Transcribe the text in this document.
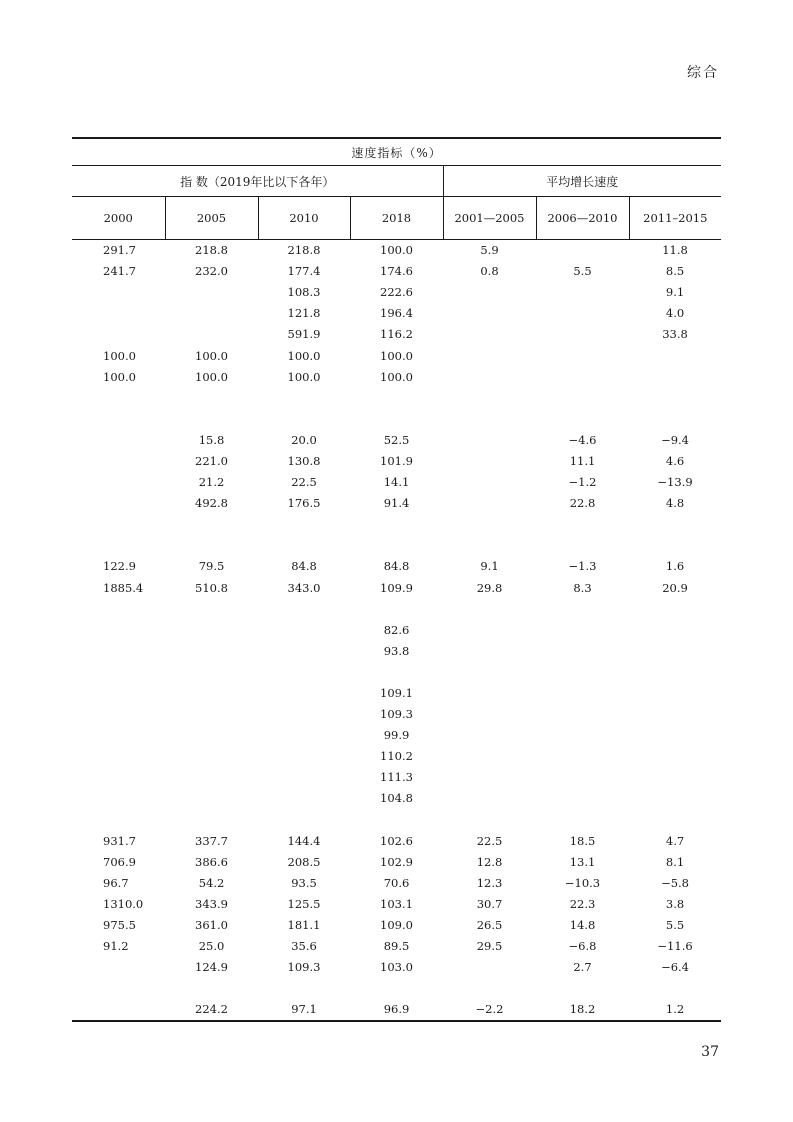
综合
速度指标（%）						
指 数（2019年比以下各年）				平均增长速度		
2000	2005	2010	2018	2001—2005	2006—2010	2011–2015
291.7	218.8	218.8	100.0	5.9		11.8
241.7	232.0	177.4	174.6	0.8	5.5	8.5
		108.3	222.6			9.1
		121.8	196.4			4.0
		591.9	116.2			33.8
100.0	100.0	100.0	100.0			
100.0	100.0	100.0	100.0			

	15.8	20.0	52.5		−4.6	−9.4
	221.0	130.8	101.9		11.1	4.6
	21.2	22.5	14.1		−1.2	−13.9
	492.8	176.5	91.4		22.8	4.8

122.9	79.5	84.8	84.8	9.1	−1.3	1.6
1885.4	510.8	343.0	109.9	29.8	8.3	20.9

			82.6			
			93.8			

			109.1			
			109.3			
			99.9			
			110.2			
			111.3			
			104.8			

931.7	337.7	144.4	102.6	22.5	18.5	4.7
706.9	386.6	208.5	102.9	12.8	13.1	8.1
96.7	54.2	93.5	70.6	12.3	−10.3	−5.8
1310.0	343.9	125.5	103.1	30.7	22.3	3.8
975.5	361.0	181.1	109.0	26.5	14.8	5.5
91.2	25.0	35.6	89.5	29.5	−6.8	−11.6
	124.9	109.3	103.0		2.7	−6.4

	224.2	97.1	96.9	−2.2	18.2	1.2
37
